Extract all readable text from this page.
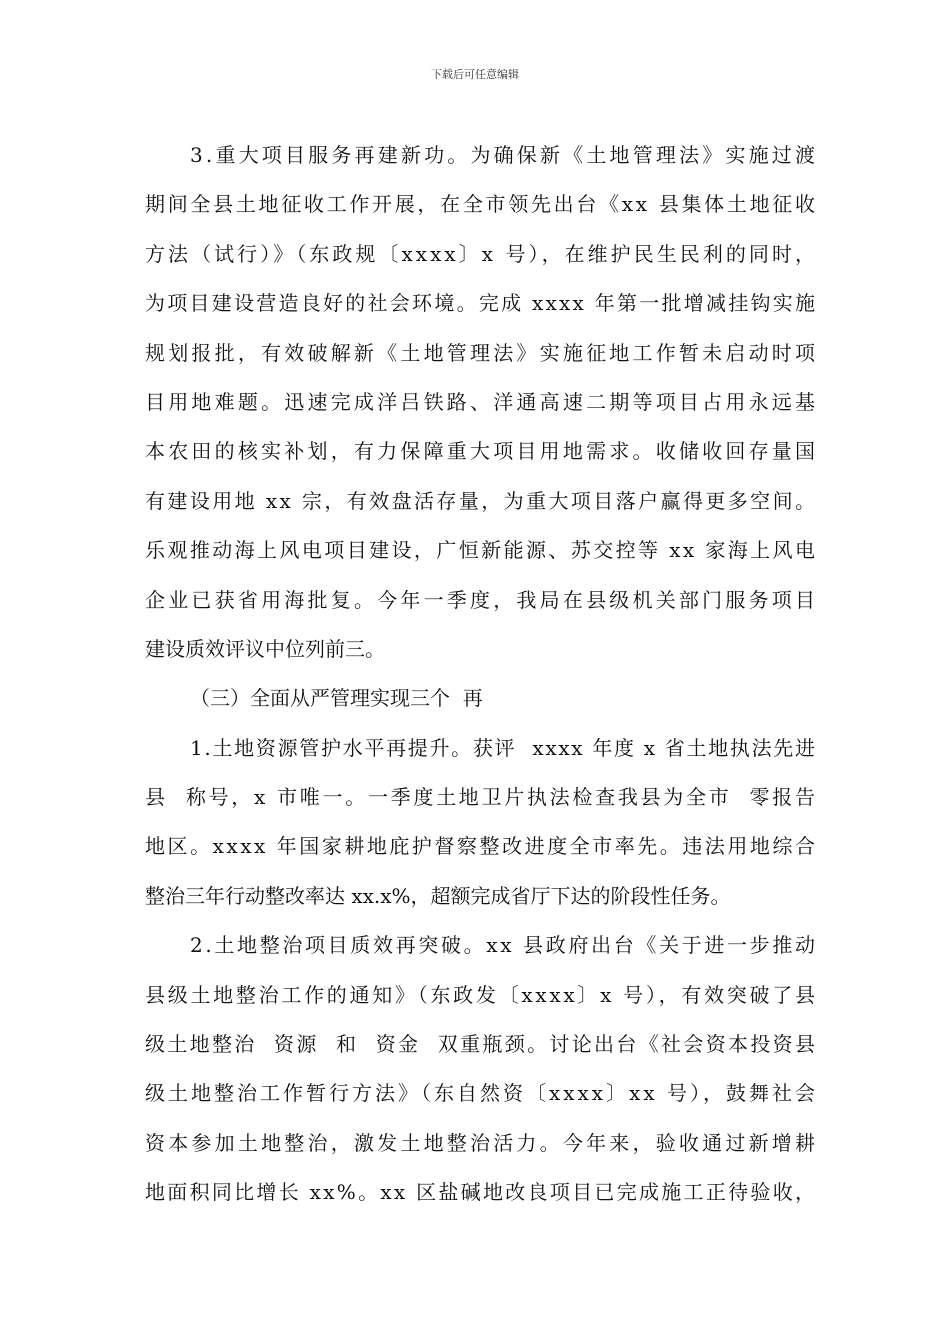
下载后可任意编辑
3.重大项目服务再建新功。为确保新《土地管理法》实施过渡
期间全县土地征收工作开展，在全市领先出台《xx 县集体土地征收
方法（试行）》（东政规〔xxxx〕x 号），在维护民生民利的同时，
为项目建设营造良好的社会环境。完成 xxxx 年第一批增减挂钩实施
规划报批，有效破解新《土地管理法》实施征地工作暂未启动时项
目用地难题。迅速完成洋吕铁路、洋通高速二期等项目占用永远基
本农田的核实补划，有力保障重大项目用地需求。收储收回存量国
有建设用地 xx 宗，有效盘活存量，为重大项目落户赢得更多空间。
乐观推动海上风电项目建设，广恒新能源、苏交控等 xx 家海上风电
企业已获省用海批复。今年一季度，我局在县级机关部门服务项目
建设质效评议中位列前三。
（三）全面从严管理实现三个  再
1.土地资源管护水平再提升。获评  xxxx 年度 x 省土地执法先进
县  称号，x 市唯一。一季度土地卫片执法检查我县为全市  零报告
地区。xxxx 年国家耕地庇护督察整改进度全市率先。违法用地综合
整治三年行动整改率达 xx.x%，超额完成省厅下达的阶段性任务。
2.土地整治项目质效再突破。xx 县政府出台《关于进一步推动
县级土地整治工作的通知》（东政发〔xxxx〕x 号），有效突破了县
级土地整治  资源  和  资金  双重瓶颈。讨论出台《社会资本投资县
级土地整治工作暂行方法》（东自然资〔xxxx〕xx 号），鼓舞社会
资本参加土地整治，激发土地整治活力。今年来，验收通过新增耕
地面积同比增长 xx%。xx 区盐碱地改良项目已完成施工正待验收，
